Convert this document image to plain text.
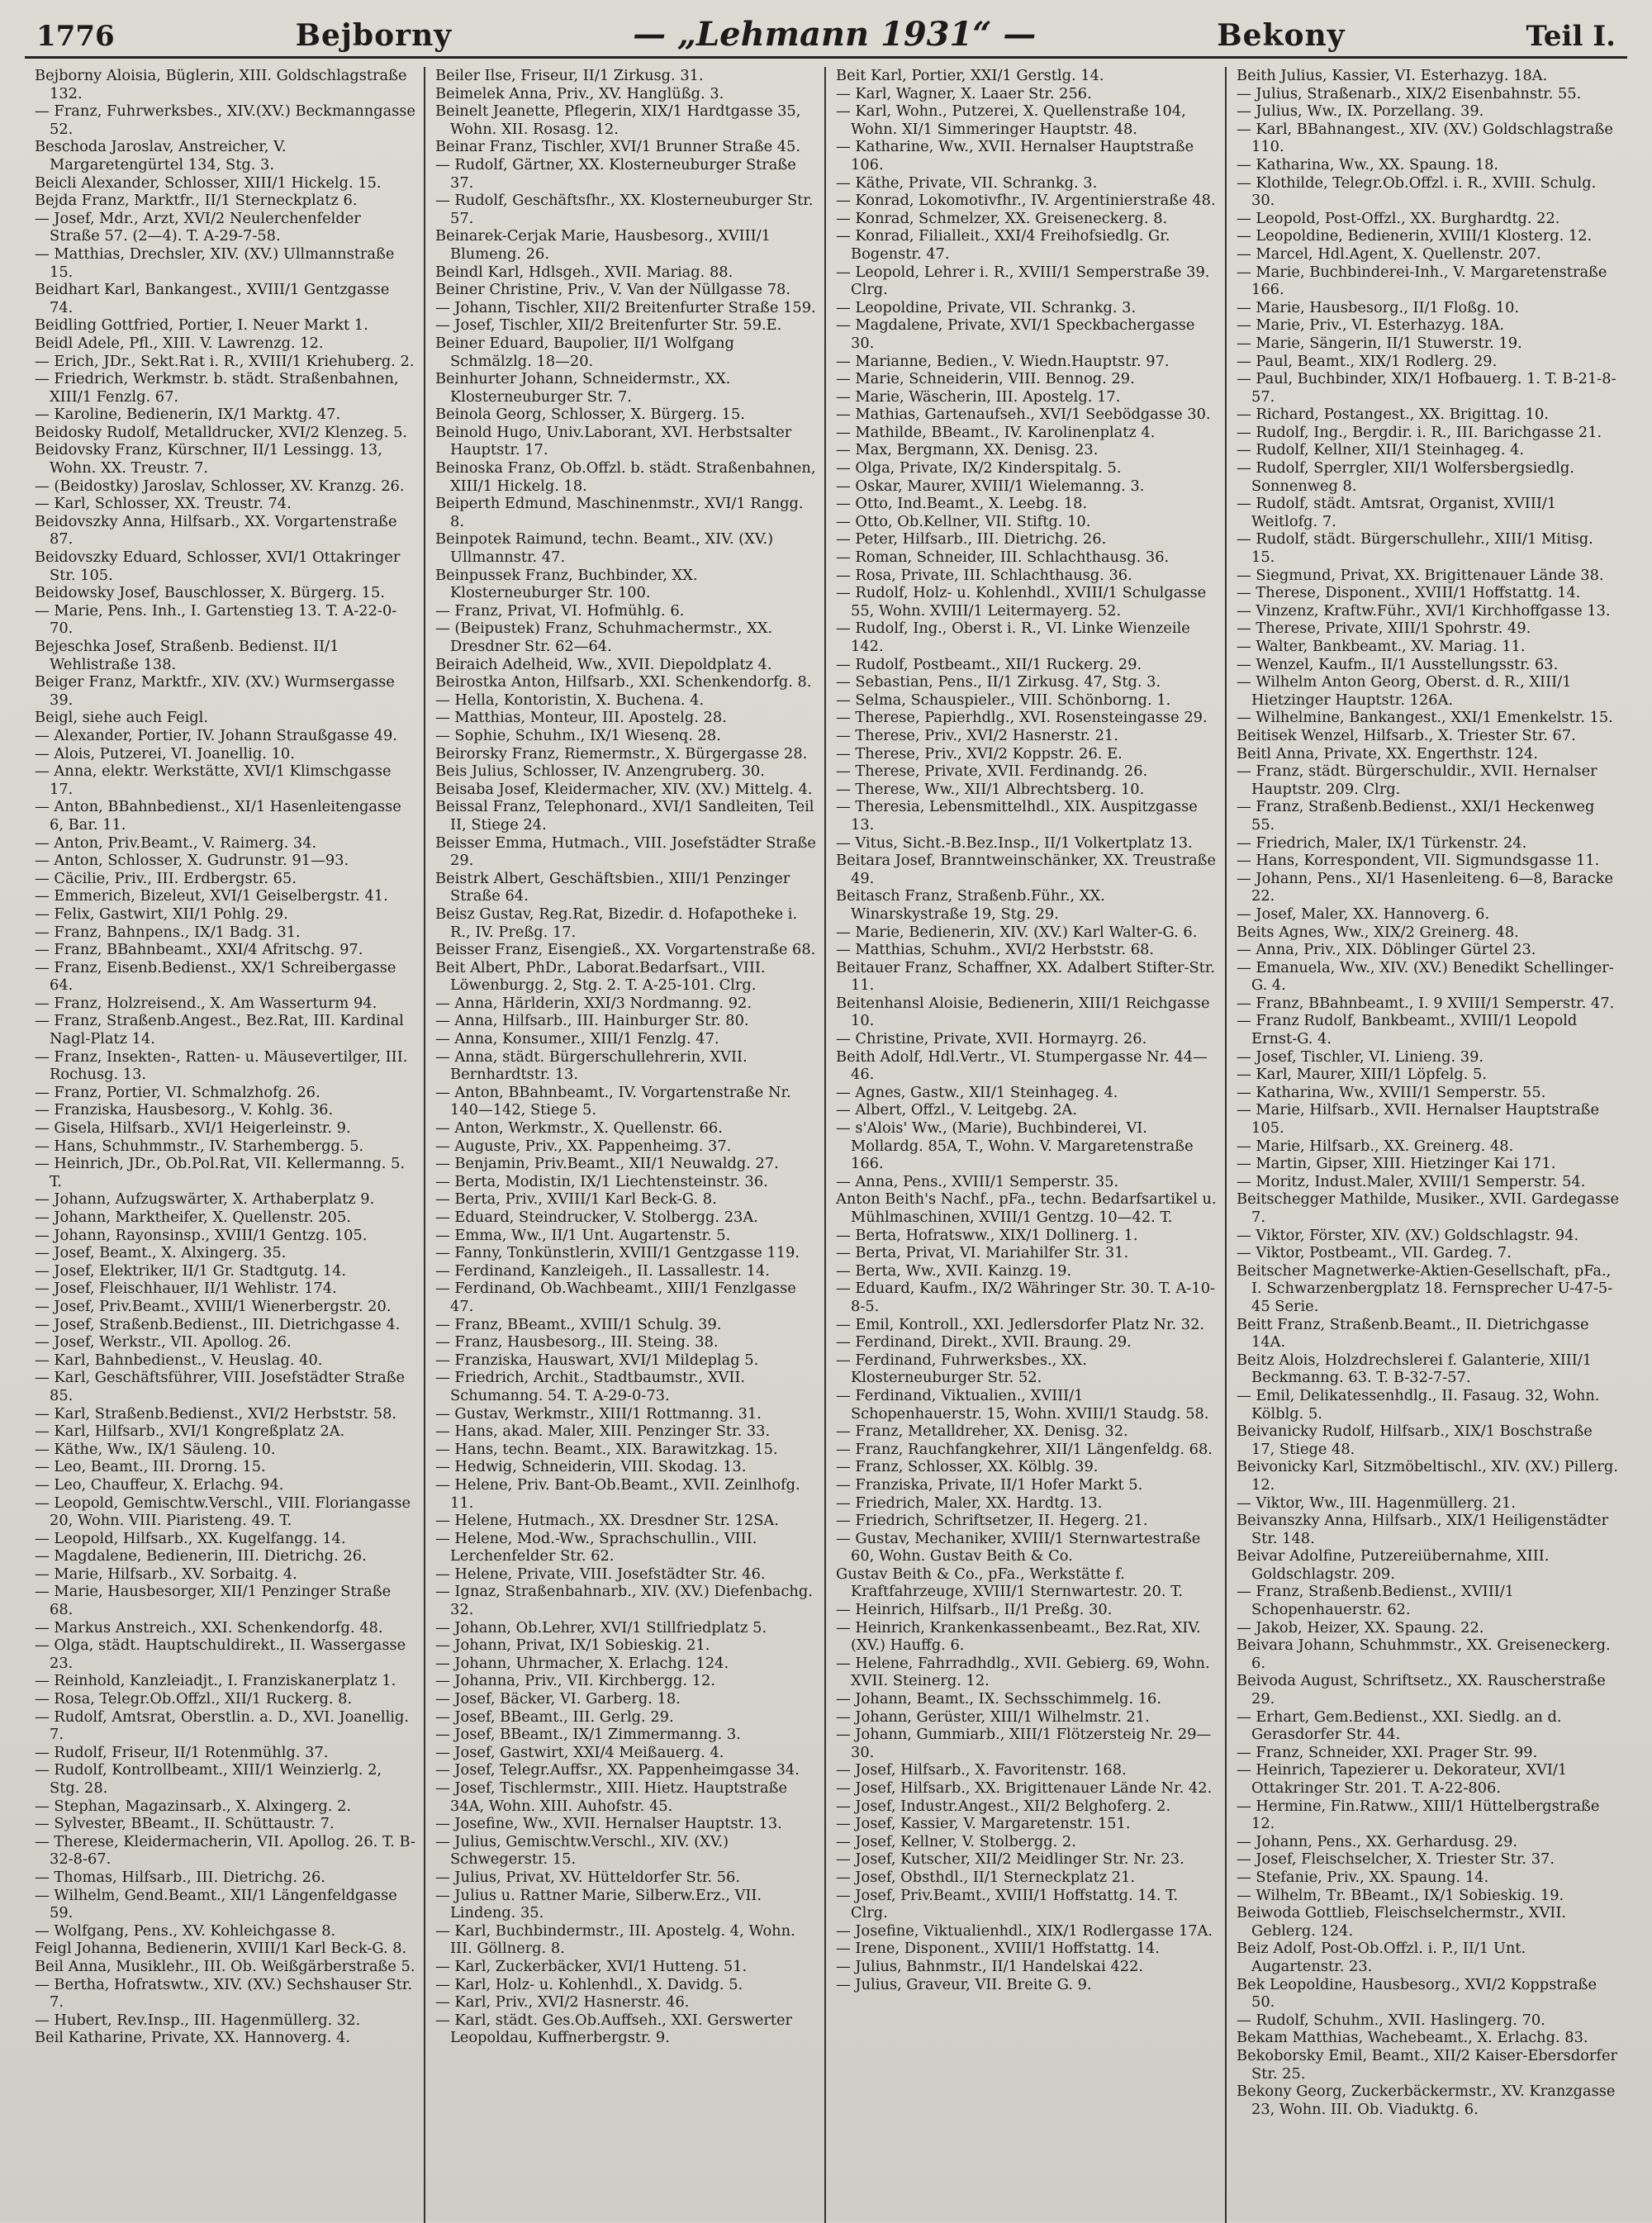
1776	Bejborny	— „Lehmann 1931“ —	Bekony	Teil I.

Bejborny Aloisia, Büglerin, XIII. Goldschlagstraße 132.

— Franz, Fuhrwerksbes., XIV.(XV.) Beckmanngasse 52.

Beschoda Jaroslav, Anstreicher, V. Margaretengürtel 134, Stg. 3.

Beicli Alexander, Schlosser, XIII/1 Hickelg. 15.

Bejda Franz, Marktfr., II/1 Sterneckplatz 6.

— Josef, Mdr., Arzt, XVI/2 Neulerchenfelder Straße 57. (2—4). T. A-29-7-58.

— Matthias, Drechsler, XIV. (XV.) Ullmannstraße 15.

Beidhart Karl, Bankangest., XVIII/1 Gentzgasse 74.

Beidling Gottfried, Portier, I. Neuer Markt 1.

Beidl Adele, Pfl., XIII. V. Lawrenzg. 12.

— Erich, JDr., Sekt.Rat i. R., XVIII/1 Kriehuberg. 2.

— Friedrich, Werkmstr. b. städt. Straßenbahnen, XIII/1 Fenzlg. 67.

— Karoline, Bedienerin, IX/1 Marktg. 47.

Beidosky Rudolf, Metalldrucker, XVI/2 Klenzeg. 5.

Beidovsky Franz, Kürschner, II/1 Lessingg. 13, Wohn. XX. Treustr. 7.

— (Beidostky) Jaroslav, Schlosser, XV. Kranzg. 26.

— Karl, Schlosser, XX. Treustr. 74.

Beidovszky Anna, Hilfsarb., XX. Vorgartenstraße 87.

Beidovszky Eduard, Schlosser, XVI/1 Ottakringer Str. 105.

Beidowsky Josef, Bauschlosser, X. Bürgerg. 15.

— Marie, Pens. Inh., I. Gartenstieg 13. T. A-22-0-70.

Bejeschka Josef, Straßenb. Bedienst. II/1 Wehlistraße 138.

Beiger Franz, Marktfr., XIV. (XV.) Wurmsergasse 39.

Beigl, siehe auch Feigl.

— Alexander, Portier, IV. Johann Straußgasse 49.

— Alois, Putzerei, VI. Joanellig. 10.

— Anna, elektr. Werkstätte, XVI/1 Klimschgasse 17.

— Anton, BBahnbedienst., XI/1 Hasenleitengasse 6, Bar. 11.

— Anton, Priv.Beamt., V. Raimerg. 34.

— Anton, Schlosser, X. Gudrunstr. 91—93.

— Cäcilie, Priv., III. Erdbergstr. 65.

— Emmerich, Bizeleut, XVI/1 Geiselbergstr. 41.

— Felix, Gastwirt, XII/1 Pohlg. 29.

— Franz, Bahnpens., IX/1 Badg. 31.

— Franz, BBahnbeamt., XXI/4 Afritschg. 97.

— Franz, Eisenb.Bedienst., XX/1 Schreibergasse 64.

— Franz, Holzreisend., X. Am Wasserturm 94.

— Franz, Straßenb.Angest., Bez.Rat, III. Kardinal Nagl-Platz 14.

— Franz, Insekten-, Ratten- u. Mäusevertilger, III. Rochusg. 13.

— Franz, Portier, VI. Schmalzhofg. 26.

— Franziska, Hausbesorg., V. Kohlg. 36.

— Gisela, Hilfsarb., XVI/1 Heigerleinstr. 9.

— Hans, Schuhmmstr., IV. Starhembergg. 5.

— Heinrich, JDr., Ob.Pol.Rat, VII. Kellermanng. 5. T.

— Johann, Aufzugswärter, X. Arthaberplatz 9.

— Johann, Marktheifer, X. Quellenstr. 205.

— Johann, Rayonsinsp., XVIII/1 Gentzg. 105.

— Josef, Beamt., X. Alxingerg. 35.

— Josef, Elektriker, II/1 Gr. Stadtgutg. 14.

— Josef, Fleischhauer, II/1 Wehlistr. 174.

— Josef, Priv.Beamt., XVIII/1 Wienerbergstr. 20.

— Josef, Straßenb.Bedienst., III. Dietrichgasse 4.

— Josef, Werkstr., VII. Apollog. 26.

— Karl, Bahnbedienst., V. Heuslag. 40.

— Karl, Geschäftsführer, VIII. Josefstädter Straße 85.

— Karl, Straßenb.Bedienst., XVI/2 Herbststr. 58.

— Karl, Hilfsarb., XVI/1 Kongreßplatz 2A.

— Käthe, Ww., IX/1 Säuleng. 10.

— Leo, Beamt., III. Drorng. 15.

— Leo, Chauffeur, X. Erlachg. 94.

— Leopold, Gemischtw.Verschl., VIII. Floriangasse 20, Wohn. VIII. Piaristeng. 49. T.

— Leopold, Hilfsarb., XX. Kugelfangg. 14.

— Magdalene, Bedienerin, III. Dietrichg. 26.

— Marie, Hilfsarb., XV. Sorbaitg. 4.

— Marie, Hausbesorger, XII/1 Penzinger Straße 68.

— Markus Anstreich., XXI. Schenkendorfg. 48.

— Olga, städt. Hauptschuldirekt., II. Wassergasse 23.

— Reinhold, Kanzleiadjt., I. Franziskanerplatz 1.

— Rosa, Telegr.Ob.Offzl., XII/1 Ruckerg. 8.

— Rudolf, Amtsrat, Oberstlin. a. D., XVI. Joanellig. 7.

— Rudolf, Friseur, II/1 Rotenmühlg. 37.

— Rudolf, Kontrollbeamt., XIII/1 Weinzierlg. 2, Stg. 28.

— Stephan, Magazinsarb., X. Alxingerg. 2.

— Sylvester, BBeamt., II. Schüttaustr. 7.

— Therese, Kleidermacherin, VII. Apollog. 26. T. B-32-8-67.

— Thomas, Hilfsarb., III. Dietrichg. 26.

— Wilhelm, Gend.Beamt., XII/1 Längenfeldgasse 59.

— Wolfgang, Pens., XV. Kohleichgasse 8.

Feigl Johanna, Bedienerin, XVIII/1 Karl Beck-G. 8.

Beil Anna, Musiklehr., III. Ob. Weißgärberstraße 5.

— Bertha, Hofratswtw., XIV. (XV.) Sechshauser Str. 7.

— Hubert, Rev.Insp., III. Hagenmüllerg. 32.

Beil Katharine, Private, XX. Hannoverg. 4.

Beiler Ilse, Friseur, II/1 Zirkusg. 31.

Beimelek Anna, Priv., XV. Hanglüßg. 3.

Beinelt Jeanette, Pflegerin, XIX/1 Hardtgasse 35, Wohn. XII. Rosasg. 12.

Beinar Franz, Tischler, XVI/1 Brunner Straße 45.

— Rudolf, Gärtner, XX. Klosterneuburger Straße 37.

— Rudolf, Geschäftsfhr., XX. Klosterneuburger Str. 57.

Beinarek-Cerjak Marie, Hausbesorg., XVIII/1 Blumeng. 26.

Beindl Karl, Hdlsgeh., XVII. Mariag. 88.

Beiner Christine, Priv., V. Van der Nüllgasse 78.

— Johann, Tischler, XII/2 Breitenfurter Straße 159.

— Josef, Tischler, XII/2 Breitenfurter Str. 59.E.

Beiner Eduard, Baupolier, II/1 Wolfgang Schmälzlg. 18—20.

Beinhurter Johann, Schneidermstr., XX. Klosterneuburger Str. 7.

Beinola Georg, Schlosser, X. Bürgerg. 15.

Beinold Hugo, Univ.Laborant, XVI. Herbstsalter Hauptstr. 17.

Beinoska Franz, Ob.Offzl. b. städt. Straßenbahnen, XIII/1 Hickelg. 18.

Beiperth Edmund, Maschinenmstr., XVI/1 Rangg. 8.

Beinpotek Raimund, techn. Beamt., XIV. (XV.) Ullmannstr. 47.

Beinpussek Franz, Buchbinder, XX. Klosterneuburger Str. 100.

— Franz, Privat, VI. Hofmühlg. 6.

— (Beipustek) Franz, Schuhmachermstr., XX. Dresdner Str. 62—64.

Beiraich Adelheid, Ww., XVII. Diepoldplatz 4.

Beirostka Anton, Hilfsarb., XXI. Schenkendorfg. 8.

— Hella, Kontoristin, X. Buchena. 4.

— Matthias, Monteur, III. Apostelg. 28.

— Sophie, Schuhm., IX/1 Wiesenq. 28.

Beirorsky Franz, Riemermstr., X. Bürgergasse 28.

Beis Julius, Schlosser, IV. Anzengruberg. 30.

Beisaba Josef, Kleidermacher, XIV. (XV.) Mittelg. 4.

Beissal Franz, Telephonard., XVI/1 Sandleiten, Teil II, Stiege 24.

Beisser Emma, Hutmach., VIII. Josefstädter Straße 29.

Beistrk Albert, Geschäftsbien., XIII/1 Penzinger Straße 64.

Beisz Gustav, Reg.Rat, Bizedir. d. Hofapotheke i. R., IV. Preßg. 17.

Beisser Franz, Eisengieß., XX. Vorgartenstraße 68.

Beit Albert, PhDr., Laborat.Bedarfsart., VIII. Löwenburgg. 2, Stg. 2. T. A-25-101. Clrg.

— Anna, Härlderin, XXI/3 Nordmanng. 92.

— Anna, Hilfsarb., III. Hainburger Str. 80.

— Anna, Konsumer., XIII/1 Fenzlg. 47.

— Anna, städt. Bürgerschullehrerin, XVII. Bernhardtstr. 13.

— Anton, BBahnbeamt., IV. Vorgartenstraße Nr. 140—142, Stiege 5.

— Anton, Werkmstr., X. Quellenstr. 66.

— Auguste, Priv., XX. Pappenheimg. 37.

— Benjamin, Priv.Beamt., XII/1 Neuwaldg. 27.

— Berta, Modistin, IX/1 Liechtensteinstr. 36.

— Berta, Priv., XVIII/1 Karl Beck-G. 8.

— Eduard, Steindrucker, V. Stolbergg. 23A.

— Emma, Ww., II/1 Unt. Augartenstr. 5.

— Fanny, Tonkünstlerin, XVIII/1 Gentzgasse 119.

— Ferdinand, Kanzleigeh., II. Lassallestr. 14.

— Ferdinand, Ob.Wachbeamt., XIII/1 Fenzlgasse 47.

— Franz, BBeamt., XVIII/1 Schulg. 39.

— Franz, Hausbesorg., III. Steing. 38.

— Franziska, Hauswart, XVI/1 Mildeplag 5.

— Friedrich, Archit., Stadtbaumstr., XVII. Schumanng. 54. T. A-29-0-73.

— Gustav, Werkmstr., XIII/1 Rottmanng. 31.

— Hans, akad. Maler, XIII. Penzinger Str. 33.

— Hans, techn. Beamt., XIX. Barawitzkag. 15.

— Hedwig, Schneiderin, VIII. Skodag. 13.

— Helene, Priv. Bant-Ob.Beamt., XVII. Zeinlhofg. 11.

— Helene, Hutmach., XX. Dresdner Str. 12SA.

— Helene, Mod.-Ww., Sprachschullin., VIII. Lerchenfelder Str. 62.

— Helene, Private, VIII. Josefstädter Str. 46.

— Ignaz, Straßenbahnarb., XIV. (XV.) Diefenbachg. 32.

— Johann, Ob.Lehrer, XVI/1 Stillfriedplatz 5.

— Johann, Privat, IX/1 Sobieskig. 21.

— Johann, Uhrmacher, X. Erlachg. 124.

— Johanna, Priv., VII. Kirchbergg. 12.

— Josef, Bäcker, VI. Garberg. 18.

— Josef, BBeamt., III. Gerlg. 29.

— Josef, BBeamt., IX/1 Zimmermanng. 3.

— Josef, Gastwirt, XXI/4 Meißauerg. 4.

— Josef, Telegr.Auffsr., XX. Pappenheimgasse 34.

— Josef, Tischlermstr., XIII. Hietz. Hauptstraße 34A, Wohn. XIII. Auhofstr. 45.

— Josefine, Ww., XVII. Hernalser Hauptstr. 13.

— Julius, Gemischtw.Verschl., XIV. (XV.) Schwegerstr. 15.

— Julius, Privat, XV. Hütteldorfer Str. 56.

— Julius u. Rattner Marie, Silberw.Erz., VII. Lindeng. 35.

— Karl, Buchbindermstr., III. Apostelg. 4, Wohn. III. Göllnerg. 8.

— Karl, Zuckerbäcker, XVI/1 Hutteng. 51.

— Karl, Holz- u. Kohlenhdl., X. Davidg. 5.

— Karl, Priv., XVI/2 Hasnerstr. 46.

— Karl, städt. Ges.Ob.Auffseh., XXI. Gerswerter Leopoldau, Kuffnerbergstr. 9.

Beit Karl, Portier, XXI/1 Gerstlg. 14.

— Karl, Wagner, X. Laaer Str. 256.

— Karl, Wohn., Putzerei, X. Quellenstraße 104, Wohn. XI/1 Simmeringer Hauptstr. 48.

— Katharine, Ww., XVII. Hernalser Hauptstraße 106.

— Käthe, Private, VII. Schrankg. 3.

— Konrad, Lokomotivfhr., IV. Argentinierstraße 48.

— Konrad, Schmelzer, XX. Greiseneckerg. 8.

— Konrad, Filialleit., XXI/4 Freihofsiedlg. Gr. Bogenstr. 47.

— Leopold, Lehrer i. R., XVIII/1 Semperstraße 39. Clrg.

— Leopoldine, Private, VII. Schrankg. 3.

— Magdalene, Private, XVI/1 Speckbachergasse 30.

— Marianne, Bedien., V. Wiedn.Hauptstr. 97.

— Marie, Schneiderin, VIII. Bennog. 29.

— Marie, Wäscherin, III. Apostelg. 17.

— Mathias, Gartenaufseh., XVI/1 Seebödgasse 30.

— Mathilde, BBeamt., IV. Karolinenplatz 4.

— Max, Bergmann, XX. Denisg. 23.

— Olga, Private, IX/2 Kinderspitalg. 5.

— Oskar, Maurer, XVIII/1 Wielemanng. 3.

— Otto, Ind.Beamt., X. Leebg. 18.

— Otto, Ob.Kellner, VII. Stiftg. 10.

— Peter, Hilfsarb., III. Dietrichg. 26.

— Roman, Schneider, III. Schlachthausg. 36.

— Rosa, Private, III. Schlachthausg. 36.

— Rudolf, Holz- u. Kohlenhdl., XVIII/1 Schulgasse 55, Wohn. XVIII/1 Leitermayerg. 52.

— Rudolf, Ing., Oberst i. R., VI. Linke Wienzeile 142.

— Rudolf, Postbeamt., XII/1 Ruckerg. 29.

— Sebastian, Pens., II/1 Zirkusg. 47, Stg. 3.

— Selma, Schauspieler., VIII. Schönborng. 1.

— Therese, Papierhdlg., XVI. Rosensteingasse 29.

— Therese, Priv., XVI/2 Hasnerstr. 21.

— Therese, Priv., XVI/2 Koppstr. 26. E.

— Therese, Private, XVII. Ferdinandg. 26.

— Therese, Ww., XII/1 Albrechtsberg. 10.

— Theresia, Lebensmittelhdl., XIX. Auspitzgasse 13.

— Vitus, Sicht.-B.Bez.Insp., II/1 Volkertplatz 13.

Beitara Josef, Branntweinschänker, XX. Treustraße 49.

Beitasch Franz, Straßenb.Führ., XX. Winarskystraße 19, Stg. 29.

— Marie, Bedienerin, XIV. (XV.) Karl Walter-G. 6.

— Matthias, Schuhm., XVI/2 Herbststr. 68.

Beitauer Franz, Schaffner, XX. Adalbert Stifter-Str. 11.

Beitenhansl Aloisie, Bedienerin, XIII/1 Reichgasse 10.

— Christine, Private, XVII. Hormayrg. 26.

Beith Adolf, Hdl.Vertr., VI. Stumpergasse Nr. 44—46.

— Agnes, Gastw., XII/1 Steinhageg. 4.

— Albert, Offzl., V. Leitgebg. 2A.

— s'Alois' Ww., (Marie), Buchbinderei, VI. Mollardg. 85A, T., Wohn. V. Margaretenstraße 166.

— Anna, Pens., XVIII/1 Semperstr. 35.

Anton Beith's Nachf., pFa., techn. Bedarfsartikel u. Mühlmaschinen, XVIII/1 Gentzg. 10—42. T.

— Berta, Hofratsww., XIX/1 Dollinerg. 1.

— Berta, Privat, VI. Mariahilfer Str. 31.

— Berta, Ww., XVII. Kainzg. 19.

— Eduard, Kaufm., IX/2 Währinger Str. 30. T. A-10-8-5.

— Emil, Kontroll., XXI. Jedlersdorfer Platz Nr. 32.

— Ferdinand, Direkt., XVII. Braung. 29.

— Ferdinand, Fuhrwerksbes., XX. Klosterneuburger Str. 52.

— Ferdinand, Viktualien., XVIII/1 Schopenhauerstr. 15, Wohn. XVIII/1 Staudg. 58.

— Franz, Metalldreher, XX. Denisg. 32.

— Franz, Rauchfangkehrer, XII/1 Längenfeldg. 68.

— Franz, Schlosser, XX. Kölblg. 39.

— Franziska, Private, II/1 Hofer Markt 5.

— Friedrich, Maler, XX. Hardtg. 13.

— Friedrich, Schriftsetzer, II. Hegerg. 21.

— Gustav, Mechaniker, XVIII/1 Sternwartestraße 60, Wohn. Gustav Beith & Co.

Gustav Beith & Co., pFa., Werkstätte f. Kraftfahrzeuge, XVIII/1 Sternwartestr. 20. T.

— Heinrich, Hilfsarb., II/1 Preßg. 30.

— Heinrich, Krankenkassenbeamt., Bez.Rat, XIV. (XV.) Hauffg. 6.

— Helene, Fahrradhdlg., XVII. Gebierg. 69, Wohn. XVII. Steinerg. 12.

— Johann, Beamt., IX. Sechsschimmelg. 16.

— Johann, Gerüster, XIII/1 Wilhelmstr. 21.

— Johann, Gummiarb., XIII/1 Flötzersteig Nr. 29—30.

— Josef, Hilfsarb., X. Favoritenstr. 168.

— Josef, Hilfsarb., XX. Brigittenauer Lände Nr. 42.

— Josef, Industr.Angest., XII/2 Belghoferg. 2.

— Josef, Kassier, V. Margaretenstr. 151.

— Josef, Kellner, V. Stolbergg. 2.

— Josef, Kutscher, XII/2 Meidlinger Str. Nr. 23.

— Josef, Obsthdl., II/1 Sterneckplatz 21.

— Josef, Priv.Beamt., XVIII/1 Hoffstattg. 14. T. Clrg.

— Josefine, Viktualienhdl., XIX/1 Rodlergasse 17A.

— Irene, Disponent., XVIII/1 Hoffstattg. 14.

— Julius, Bahnmstr., II/1 Handelskai 422.

— Julius, Graveur, VII. Breite G. 9.

Beith Julius, Kassier, VI. Esterhazyg. 18A.

— Julius, Straßenarb., XIX/2 Eisenbahnstr. 55.

— Julius, Ww., IX. Porzellang. 39.

— Karl, BBahnangest., XIV. (XV.) Goldschlagstraße 110.

— Katharina, Ww., XX. Spaung. 18.

— Klothilde, Telegr.Ob.Offzl. i. R., XVIII. Schulg. 30.

— Leopold, Post-Offzl., XX. Burghardtg. 22.

— Leopoldine, Bedienerin, XVIII/1 Klosterg. 12.

— Marcel, Hdl.Agent, X. Quellenstr. 207.

— Marie, Buchbinderei-Inh., V. Margaretenstraße 166.

— Marie, Hausbesorg., II/1 Floßg. 10.

— Marie, Priv., VI. Esterhazyg. 18A.

— Marie, Sängerin, II/1 Stuwerstr. 19.

— Paul, Beamt., XIX/1 Rodlerg. 29.

— Paul, Buchbinder, XIX/1 Hofbauerg. 1. T. B-21-8-57.

— Richard, Postangest., XX. Brigittag. 10.

— Rudolf, Ing., Bergdir. i. R., III. Barichgasse 21.

— Rudolf, Kellner, XII/1 Steinhageg. 4.

— Rudolf, Sperrgler, XII/1 Wolfersbergsiedlg. Sonnenweg 8.

— Rudolf, städt. Amtsrat, Organist, XVIII/1 Weitlofg. 7.

— Rudolf, städt. Bürgerschullehr., XIII/1 Mitisg. 15.

— Siegmund, Privat, XX. Brigittenauer Lände 38.

— Therese, Disponent., XVIII/1 Hoffstattg. 14.

— Vinzenz, Kraftw.Führ., XVI/1 Kirchhoffgasse 13.

— Therese, Private, XIII/1 Spohrstr. 49.

— Walter, Bankbeamt., XV. Mariag. 11.

— Wenzel, Kaufm., II/1 Ausstellungsstr. 63.

— Wilhelm Anton Georg, Oberst. d. R., XIII/1 Hietzinger Hauptstr. 126A.

— Wilhelmine, Bankangest., XXI/1 Emenkelstr. 15.

Beitisek Wenzel, Hilfsarb., X. Triester Str. 67.

Beitl Anna, Private, XX. Engerthstr. 124.

— Franz, städt. Bürgerschuldir., XVII. Hernalser Hauptstr. 209. Clrg.

— Franz, Straßenb.Bedienst., XXI/1 Heckenweg 55.

— Friedrich, Maler, IX/1 Türkenstr. 24.

— Hans, Korrespondent, VII. Sigmundsgasse 11.

— Johann, Pens., XI/1 Hasenleiteng. 6—8, Baracke 22.

— Josef, Maler, XX. Hannoverg. 6.

Beits Agnes, Ww., XIX/2 Greinerg. 48.

— Anna, Priv., XIX. Döblinger Gürtel 23.

— Emanuela, Ww., XIV. (XV.) Benedikt Schellinger-G. 4.

— Franz, BBahnbeamt., I. 9 XVIII/1 Semperstr. 47.

— Franz Rudolf, Bankbeamt., XVIII/1 Leopold Ernst-G. 4.

— Josef, Tischler, VI. Linieng. 39.

— Karl, Maurer, XIII/1 Löpfelg. 5.

— Katharina, Ww., XVIII/1 Semperstr. 55.

— Marie, Hilfsarb., XVII. Hernalser Hauptstraße 105.

— Marie, Hilfsarb., XX. Greinerg. 48.

— Martin, Gipser, XIII. Hietzinger Kai 171.

— Moritz, Indust.Maler, XVIII/1 Semperstr. 54.

Beitschegger Mathilde, Musiker., XVII. Gardegasse 7.

— Viktor, Förster, XIV. (XV.) Goldschlagstr. 94.

— Viktor, Postbeamt., VII. Gardeg. 7.

Beitscher Magnetwerke-Aktien-Gesellschaft, pFa., I. Schwarzenbergplatz 18. Fernsprecher U-47-5-45 Serie.

Beitt Franz, Straßenb.Beamt., II. Dietrichgasse 14A.

Beitz Alois, Holzdrechslerei f. Galanterie, XIII/1 Beckmanng. 63. T. B-32-7-57.

— Emil, Delikatessenhdlg., II. Fasaug. 32, Wohn. Kölblg. 5.

Beivanicky Rudolf, Hilfsarb., XIX/1 Boschstraße 17, Stiege 48.

Beivonicky Karl, Sitzmöbeltischl., XIV. (XV.) Pillerg. 12.

— Viktor, Ww., III. Hagenmüllerg. 21.

Beivanszky Anna, Hilfsarb., XIX/1 Heiligenstädter Str. 148.

Beivar Adolfine, Putzereiübernahme, XIII. Goldschlagstr. 209.

— Franz, Straßenb.Bedienst., XVIII/1 Schopenhauerstr. 62.

— Jakob, Heizer, XX. Spaung. 22.

Beivara Johann, Schuhmmstr., XX. Greiseneckerg. 6.

Beivoda August, Schriftsetz., XX. Rauscherstraße 29.

— Erhart, Gem.Bedienst., XXI. Siedlg. an d. Gerasdorfer Str. 44.

— Franz, Schneider, XXI. Prager Str. 99.

— Heinrich, Tapezierer u. Dekorateur, XVI/1 Ottakringer Str. 201. T. A-22-806.

— Hermine, Fin.Ratww., XIII/1 Hüttelbergstraße 12.

— Johann, Pens., XX. Gerhardusg. 29.

— Josef, Fleischselcher, X. Triester Str. 37.

— Stefanie, Priv., XX. Spaung. 14.

— Wilhelm, Tr. BBeamt., IX/1 Sobieskig. 19.

Beiwoda Gottlieb, Fleischselchermstr., XVII. Geblerg. 124.

Beiz Adolf, Post-Ob.Offzl. i. P., II/1 Unt. Augartenstr. 23.

Bek Leopoldine, Hausbesorg., XVI/2 Koppstraße 50.

— Rudolf, Schuhm., XVII. Haslingerg. 70.

Bekam Matthias, Wachebeamt., X. Erlachg. 83.

Bekoborsky Emil, Beamt., XII/2 Kaiser-Ebersdorfer Str. 25.

Bekony Georg, Zuckerbäckermstr., XV. Kranzgasse 23, Wohn. III. Ob. Viaduktg. 6.
